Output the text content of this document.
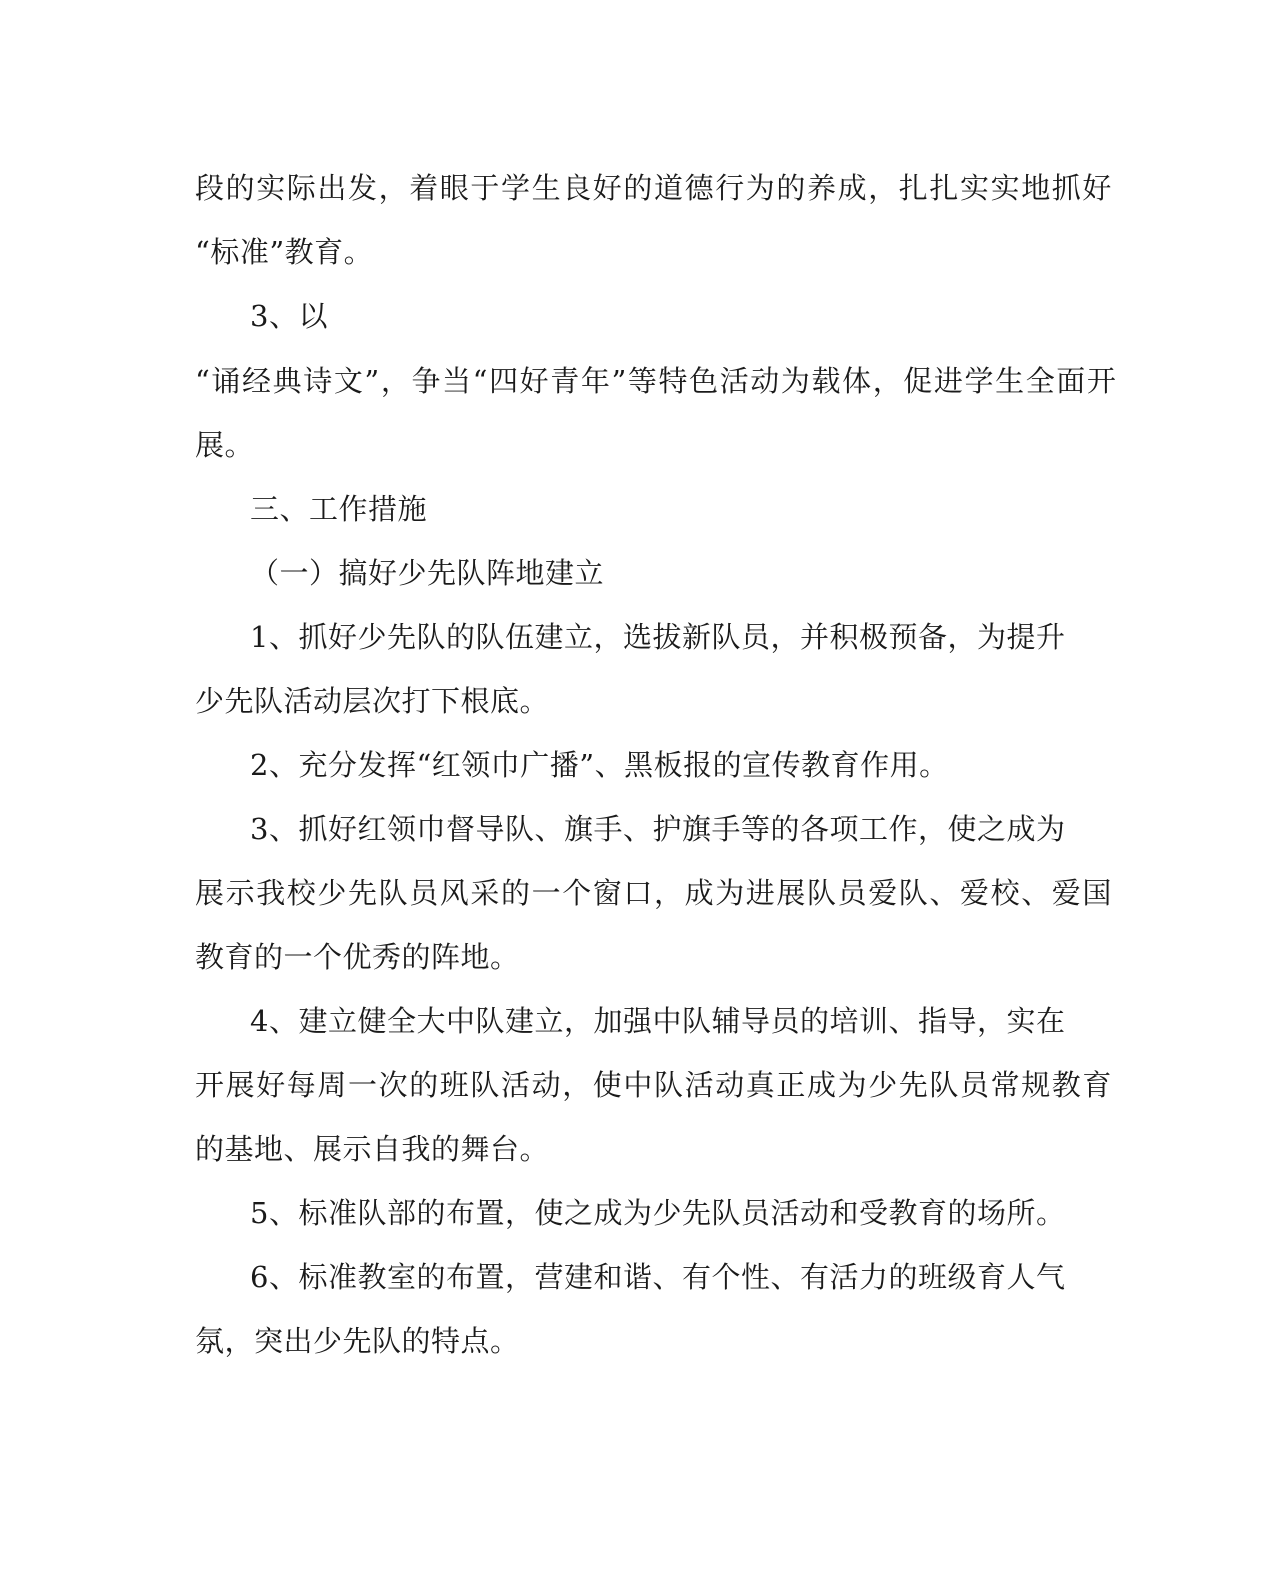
段的实际出发，着眼于学生良好的道德行为的养成，扎扎实实地抓好
“标准”教育。
3、以
“诵经典诗文”，争当“四好青年”等特色活动为载体，促进学生全面开
展。
三、工作措施
（一）搞好少先队阵地建立
1、抓好少先队的队伍建立，选拔新队员，并积极预备，为提升
少先队活动层次打下根底。
2、充分发挥“红领巾广播”、黑板报的宣传教育作用。
3、抓好红领巾督导队、旗手、护旗手等的各项工作，使之成为
展示我校少先队员风采的一个窗口，成为进展队员爱队、爱校、爱国
教育的一个优秀的阵地。
4、建立健全大中队建立，加强中队辅导员的培训、指导，实在
开展好每周一次的班队活动，使中队活动真正成为少先队员常规教育
的基地、展示自我的舞台。
5、标准队部的布置，使之成为少先队员活动和受教育的场所。
6、标准教室的布置，营建和谐、有个性、有活力的班级育人气
氛，突出少先队的特点。
